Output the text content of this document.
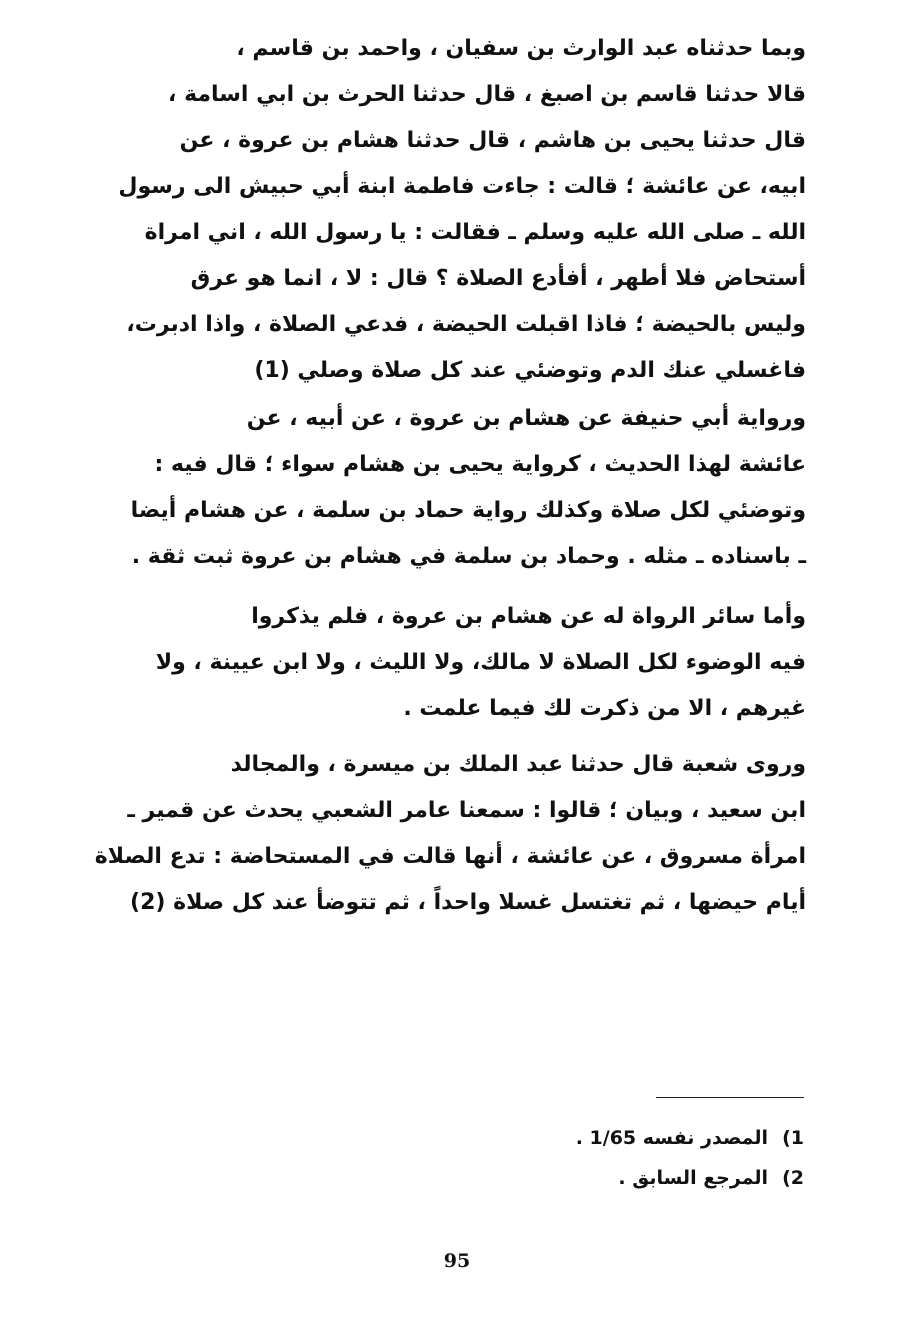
وبما حدثناه عبد الوارث بن سفيان ، واحمد بن قاسم ،
قالا حدثنا قاسم بن اصبغ ، قال حدثنا الحرث بن ابي اسامة ،
قال حدثنا يحيى بن هاشم ، قال حدثنا هشام بن عروة ، عن
ابيه، عن عائشة ؛ قالت : جاءت فاطمة ابنة أبي حبيش الى رسول
الله ـ صلى الله عليه وسلم ـ فقالت : يا رسول الله ، اني امراة
أستحاض فلا أطهر ، أفأدع الصلاة ؟ قال : لا ، انما هو عرق
وليس بالحيضة ؛ فاذا اقبلت الحيضة ، فدعي الصلاة ، واذا ادبرت،
فاغسلي عنك الدم وتوضئي عند كل صلاة وصلي (1)
ورواية أبي حنيفة عن هشام بن عروة ، عن أبيه ، عن
عائشة لهذا الحديث ، كرواية يحيى بن هشام سواء ؛ قال فيه :
وتوضئي لكل صلاة وكذلك رواية حماد بن سلمة ، عن هشام أيضا
ـ باسناده ـ مثله . وحماد بن سلمة في هشام بن عروة ثبت ثقة .
وأما سائر الرواة له عن هشام بن عروة ، فلم يذكروا
فيه الوضوء لكل الصلاة لا مالك، ولا الليث ، ولا ابن عيينة ، ولا
غيرهم ، الا من ذكرت لك فيما علمت .
وروى شعبة قال حدثنا عبد الملك بن ميسرة ، والمجالد
ابن سعيد ، وبيان ؛ قالوا : سمعنا عامر الشعبي يحدث عن قمير ـ
امرأة مسروق ، عن عائشة ، أنها قالت في المستحاضة : تدع الصلاة
أيام حيضها ، ثم تغتسل غسلا واحداً ، ثم تتوضأ عند كل صلاة (2)
1)المصدر نفسه 1/65 .
2)المرجع السابق .
95
